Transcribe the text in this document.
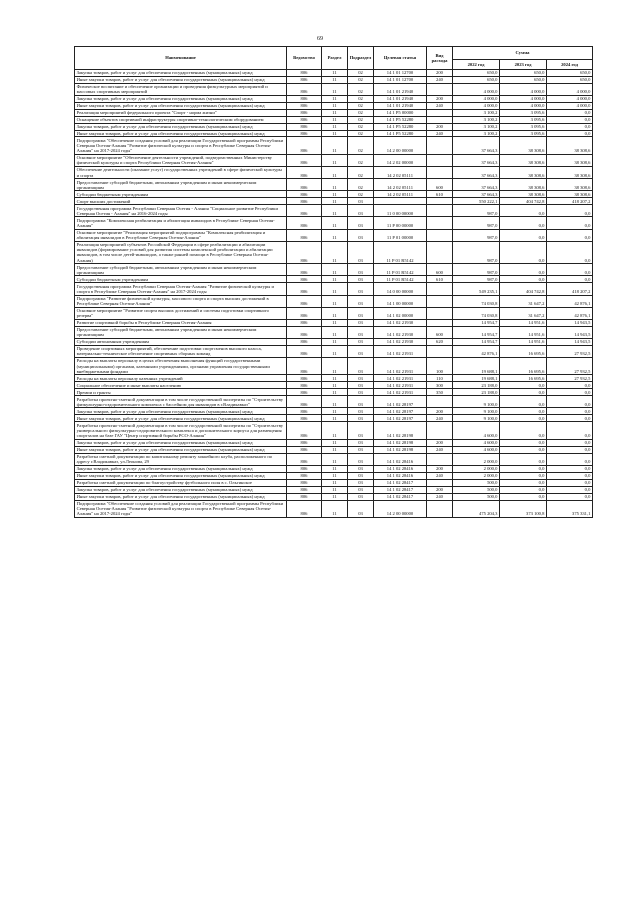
69
Наименование	Ведомство	Раздел	Подраздел	Целевая статья	Вид расхода	Сумма		
						2022 год	2023 год	2024 год
Закупка товаров, работ и услуг для обеспечения государственных (муниципальных) нужд	806	11	02	14 1 01 12700	200	650,0	650,0	650,0
Иные закупки товаров, работ и услуг для обеспечения государственных (муниципальных) нужд	806	11	02	14 1 01 12700	240	650,0	650,0	650,0
Физическое воспитание и обеспечение организации и проведения физкультурных мероприятий и массовых спортивных мероприятий	806	11	02	14 1 01 21940		4 000,0	4 000,0	4 000,0
Закупка товаров, работ и услуг для обеспечения государственных (муниципальных) нужд	806	11	02	14 1 01 21940	200	4 000,0	4 000,0	4 000,0
Иные закупки товаров, работ и услуг для обеспечения государственных (муниципальных) нужд	806	11	02	14 1 01 21940	240	4 000,0	4 000,0	4 000,0
Реализация мероприятий федерального проекта "Спорт - норма жизни"	806	11	02	14 1 P5 00000		3 100,2	3 095,6	0,0
Оснащение объектов спортивной инфраструктуры спортивно-технологическим оборудованием	806	11	02	14 1 P5 52280		3 100,2	3 095,6	0,0
Закупка товаров, работ и услуг для обеспечения государственных (муниципальных) нужд	806	11	02	14 1 P5 52280	200	3 100,2	3 095,6	0,0
Иные закупки товаров, работ и услуг для обеспечения государственных (муниципальных) нужд	806	11	02	14 1 P5 52280	240	3 100,2	3 095,6	0,0
Подпрограмма "Обеспечение создания условий для реализации Государственной программы Республики Северная Осетия-Алания "Развитие физической культуры и спорта в Республике Северная Осетия-Алания" на 2017-2024 годы"	806	11	02	14 2 00 00000		37 664,3	38 308,6	38 308,6
Основное мероприятие "Обеспечение деятельности учреждений, подведомственных Министерству физической культуры и спорта Республики Северная Осетия-Алания"	806	11	02	14 2 02 00000		37 664,3	38 308,6	38 308,6
Обеспечение деятельности (оказание услуг) государственных учреждений в сфере физической культуры и спорта	806	11	02	14 2 02 05111		37 664,3	38 308,6	38 308,6
Предоставление субсидий бюджетным, автономным учреждениям и иным некоммерческим организациям	806	11	02	14 2 02 05111	600	37 664,3	38 308,6	38 308,6
Субсидии бюджетным учреждениям	806	11	02	14 2 02 05111	610	37 664,3	38 308,6	38 308,6
Спорт высших достижений	806	11	03			550 222,1	404 742,8	418 207,2
Государственная программа Республики Северная Осетия - Алания "Социальное развитие Республики Северная Осетия - Алания" на 2016-2024 годы	806	11	03	11 0 00 00000		987,0	0,0	0,0
Подпрограмма "Комплексная реабилитация и абилитация инвалидов в Республике Северная Осетия-Алания"	806	11	03	11 P 00 00000		987,0	0,0	0,0
Основное мероприятие "Реализация мероприятий подпрограммы "Комплексная реабилитация и абилитация инвалидов в Республике Северная Осетия-Алания"	806	11	03	11 P 01 00000		987,0	0,0	0,0
Реализация мероприятий субъектов Российской Федерации в сфере реабилитации и абилитации инвалидов (формирование условий для развития системы комплексной реабилитации и абилитации инвалидов, в том числе детей-инвалидов, а также ранней помощи в Республике Северная Осетия-Алания)	806	11	03	11 P 01 R5142		987,0	0,0	0,0
Предоставление субсидий бюджетным, автономным учреждениям и иным некоммерческим организациям	806	11	03	11 P 01 R5142	600	987,0	0,0	0,0
Субсидии бюджетным учреждениям	806	11	03	11 P 01 R5142	610	987,0	0,0	0,0
Государственная программа Республики Северная Осетия-Алания "Развитие физической культуры и спорта в Республике Северная Осетия-Алания" на 2017-2024 годы	806	11	03	14 0 00 00000		549 235,1	404 742,8	418 207,2
Подпрограмма "Развитие физической культуры, массового спорта и спорта высших достижений в Республике Северная Осетия-Алания"	806	11	03	14 1 00 00000		74 030,8	31 647,2	42 876,1
Основное мероприятие "Развитие спорта высших достижений и системы подготовки спортивного резерва"	806	11	03	14 1 02 00000		74 030,8	31 647,2	42 876,1
Развитие спортивной борьбы в Республике Северная Осетия-Алания	806	11	03	14 1 02 21930		14 954,7	14 951,6	14 943,5
Предоставление субсидий бюджетным, автономным учреждениям и иным некоммерческим организациям	806	11	03	14 1 02 21930	600	14 954,7	14 951,6	14 943,5
Субсидии автономным учреждениям	806	11	03	14 1 02 21930	620	14 954,7	14 951,6	14 943,5
Проведение спортивных мероприятий, обеспечение подготовки спортсменов высокого класса, материально-техническое обеспечение спортивных сборных команд	806	11	03	14 1 02 21931		42 876,1	16 695,6	27 932,5
Расходы на выплаты персоналу в целях обеспечения выполнения функций государственными (муниципальными) органами, казенными учреждениями, органами управления государственными внебюджетными фондами	806	11	03	14 1 02 21931	100	19 688,1	16 695,6	27 932,5
Расходы на выплаты персоналу казенных учреждений	806	11	03	14 1 02 21931	110	19 688,1	16 695,6	27 932,5
Социальное обеспечение и иные выплаты населению	806	11	03	14 1 02 21931	300	23 188,0	0,0	0,0
Премии и гранты	806	11	03	14 1 02 21931	350	23 188,0	0,0	0,0
Разработка проектно-сметной документации в том числе государственной экспертизы по "Строительству физкультурно-оздоровительного комплекса с бассейном для инвалидов в г.Владикавказ"	806	11	03	14 1 02 28197		9 100,0	0,0	0,0
Закупка товаров, работ и услуг для обеспечения государственных (муниципальных) нужд	806	11	03	14 1 02 28197	200	9 100,0	0,0	0,0
Иные закупки товаров, работ и услуг для обеспечения государственных (муниципальных) нужд	806	11	03	14 1 02 28197	240	9 100,0	0,0	0,0
Разработка проектно-сметной документации в том числе государственной экспертизы по "Строительству универсального физкультурно-оздоровительного комплекса и дополнительного корпуса для размещения спортзалов на базе ГАУ "Центр спортивной борьбы РСО-Алания"	806	11	03	14 1 02 28198		4 600,0	0,0	0,0
Закупка товаров, работ и услуг для обеспечения государственных (муниципальных) нужд	806	11	03	14 1 02 28198	200	4 600,0	0,0	0,0
Иные закупки товаров, работ и услуг для обеспечения государственных (муниципальных) нужд	806	11	03	14 1 02 28198	240	4 600,0	0,0	0,0
Разработка сметной документации по капитальному ремонту хоккейного клуба, расположенного по адресу г.Владикавказ, ул.Леонова, 29	806	11	03	14 1 02 28416		2 000,0	0,0	0,0
Закупка товаров, работ и услуг для обеспечения государственных (муниципальных) нужд	806	11	03	14 1 02 28416	200	2 000,0	0,0	0,0
Иные закупки товаров, работ и услуг для обеспечения государственных (муниципальных) нужд	806	11	03	14 1 02 28416	240	2 000,0	0,0	0,0
Разработка сметной документации по благоустройству футбольного поля в с. Ольгинское	806	11	03	14 1 02 28417		500,0	0,0	0,0
Закупка товаров, работ и услуг для обеспечения государственных (муниципальных) нужд	806	11	03	14 1 02 28417	200	500,0	0,0	0,0
Иные закупки товаров, работ и услуг для обеспечения государственных (муниципальных) нужд	806	11	03	14 1 02 28417	240	500,0	0,0	0,0
Подпрограмма "Обеспечение создания условий для реализации Государственной программы Республики Северная Осетия-Алания "Развитие физической культуры и спорта в Республике Северная Осетия-Алания" на 2017-2024 годы"	806	11	03	14 2 00 00000		475 204,3	373 100,8	375 331,1
